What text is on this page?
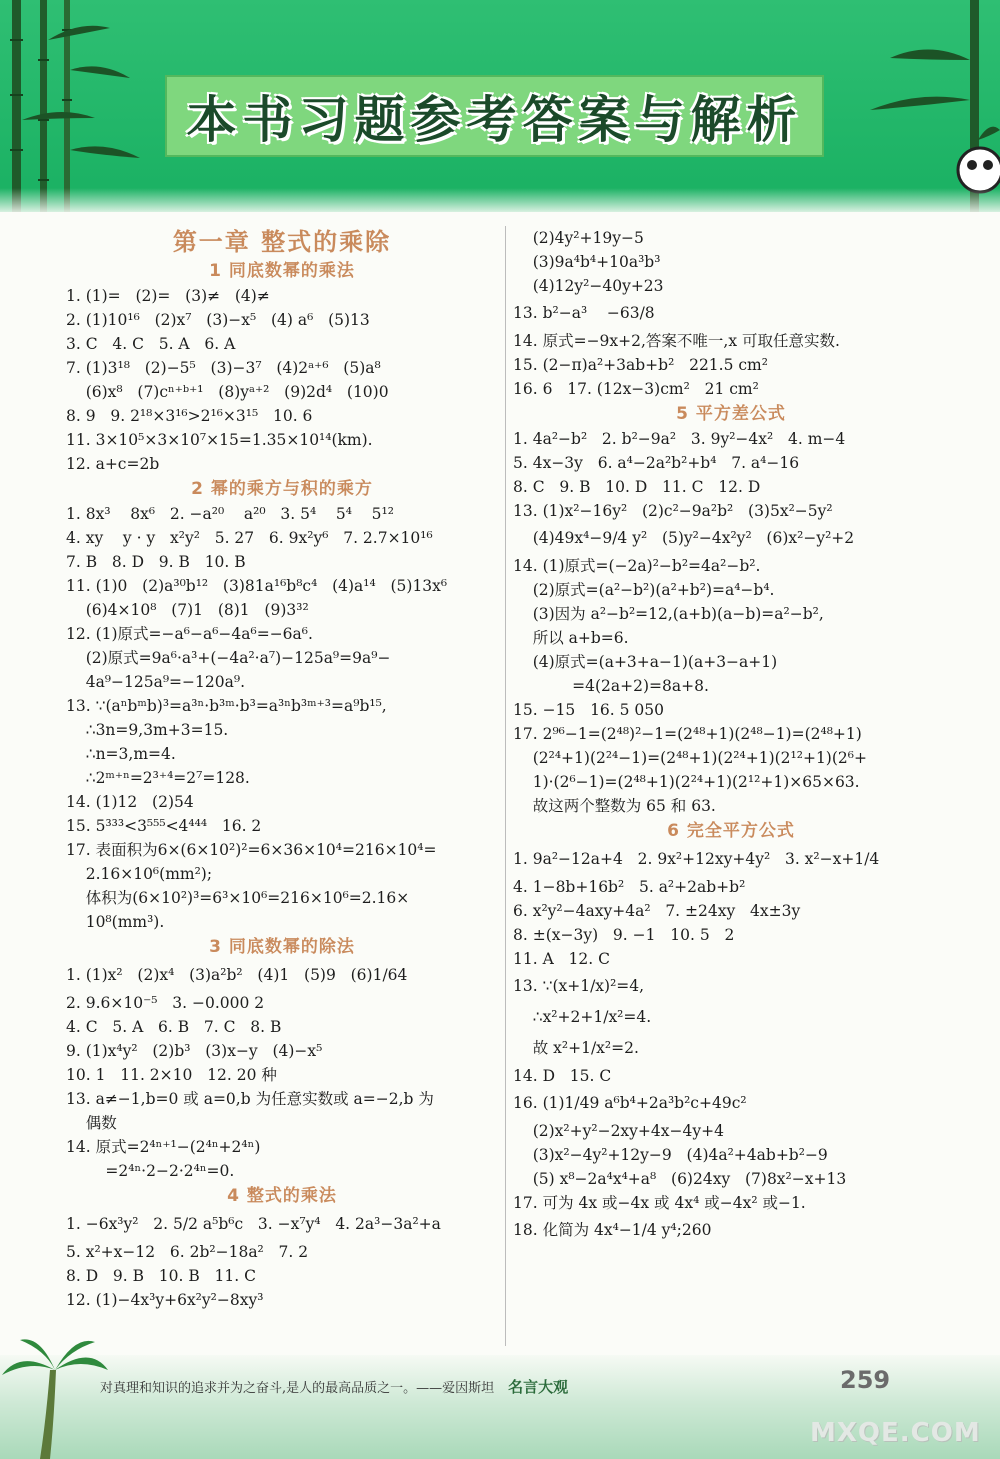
本书习题参考答案与解析
第一章 整式的乘除
1 同底数幂的乘法
1. (1)=   (2)=   (3)≠   (4)≠
2. (1)10¹⁶   (2)x⁷   (3)−x⁵   (4) a⁶   (5)13
3. C   4. C   5. A   6. A
7. (1)3¹⁸   (2)−5⁵   (3)−3⁷   (4)2ᵃ⁺⁶   (5)a⁸
(6)x⁸   (7)cⁿ⁺ᵇ⁺¹   (8)yᵃ⁺²   (9)2d⁴   (10)0
8. 9   9. 2¹⁸×3¹⁶>2¹⁶×3¹⁵   10. 6
11. 3×10⁵×3×10⁷×15=1.35×10¹⁴(km).
12. a+c=2b
2 幂的乘方与积的乘方
1. 8x³    8x⁶   2. −a²⁰    a²⁰   3. 5⁴    5⁴    5¹²
4. xy    y · y   x²y²   5. 27   6. 9x²y⁶   7. 2.7×10¹⁶
7. B   8. D   9. B   10. B
11. (1)0   (2)a³⁰b¹²   (3)81a¹⁶b⁸c⁴   (4)a¹⁴   (5)13x⁶
(6)4×10⁸   (7)1   (8)1   (9)3³²
12. (1)原式=−a⁶−a⁶−4a⁶=−6a⁶.
(2)原式=9a⁶·a³+(−4a²·a⁷)−125a⁹=9a⁹−
4a⁹−125a⁹=−120a⁹.
13. ∵(aⁿbᵐb)³=a³ⁿ·b³ᵐ·b³=a³ⁿb³ᵐ⁺³=a⁹b¹⁵,
∴3n=9,3m+3=15.
∴n=3,m=4.
∴2ᵐ⁺ⁿ=2³⁺⁴=2⁷=128.
14. (1)12   (2)54
15. 5³³³<3⁵⁵⁵<4⁴⁴⁴   16. 2
17. 表面积为6×(6×10²)²=6×36×10⁴=216×10⁴=
2.16×10⁶(mm²);
体积为(6×10²)³=6³×10⁶=216×10⁶=2.16×
10⁸(mm³).
3 同底数幂的除法
1. (1)x²   (2)x⁴   (3)a²b²   (4)1   (5)9   (6)1/64
2. 9.6×10⁻⁵   3. −0.000 2
4. C   5. A   6. B   7. C   8. B
9. (1)x⁴y²   (2)b³   (3)x−y   (4)−x⁵
10. 1   11. 2×10   12. 20 种
13. a≠−1,b=0 或 a=0,b 为任意实数或 a=−2,b 为
偶数
14. 原式=2⁴ⁿ⁺¹−(2⁴ⁿ+2⁴ⁿ)
=2⁴ⁿ·2−2·2⁴ⁿ=0.
4 整式的乘法
1. −6x³y²   2. 5/2 a⁵b⁶c   3. −x⁷y⁴   4. 2a³−3a²+a
5. x²+x−12   6. 2b²−18a²   7. 2
8. D   9. B   10. B   11. C
12. (1)−4x³y+6x²y²−8xy³
(2)4y²+19y−5
(3)9a⁴b⁴+10a³b³
(4)12y²−40y+23
13. b²−a³    −63/8
14. 原式=−9x+2,答案不唯一,x 可取任意实数.
15. (2−π)a²+3ab+b²   221.5 cm²
16. 6   17. (12x−3)cm²   21 cm²
5 平方差公式
1. 4a²−b²   2. b²−9a²   3. 9y²−4x²   4. m−4
5. 4x−3y   6. a⁴−2a²b²+b⁴   7. a⁴−16
8. C   9. B   10. D   11. C   12. D
13. (1)x²−16y²   (2)c²−9a²b²   (3)5x²−5y²
(4)49x⁴−9/4 y²   (5)y²−4x²y²   (6)x²−y²+2
14. (1)原式=(−2a)²−b²=4a²−b².
(2)原式=(a²−b²)(a²+b²)=a⁴−b⁴.
(3)因为 a²−b²=12,(a+b)(a−b)=a²−b²,
所以 a+b=6.
(4)原式=(a+3+a−1)(a+3−a+1)
=4(2a+2)=8a+8.
15. −15   16. 5 050
17. 2⁹⁶−1=(2⁴⁸)²−1=(2⁴⁸+1)(2⁴⁸−1)=(2⁴⁸+1)
(2²⁴+1)(2²⁴−1)=(2⁴⁸+1)(2²⁴+1)(2¹²+1)(2⁶+
1)·(2⁶−1)=(2⁴⁸+1)(2²⁴+1)(2¹²+1)×65×63.
故这两个整数为 65 和 63.
6 完全平方公式
1. 9a²−12a+4   2. 9x²+12xy+4y²   3. x²−x+1/4
4. 1−8b+16b²   5. a²+2ab+b²
6. x²y²−4axy+4a²   7. ±24xy   4x±3y
8. ±(x−3y)   9. −1   10. 5   2
11. A   12. C
13. ∵(x+1/x)²=4,
∴x²+2+1/x²=4.
故 x²+1/x²=2.
14. D   15. C
16. (1)1/49 a⁶b⁴+2a³b²c+49c²
(2)x²+y²−2xy+4x−4y+4
(3)x²−4y²+12y−9   (4)4a²+4ab+b²−9
(5) x⁸−2a⁴x⁴+a⁸   (6)24xy   (7)8x²−x+13
17. 可为 4x 或−4x 或 4x⁴ 或−4x² 或−1.
18. 化简为 4x⁴−1/4 y⁴;260
对真理和知识的追求并为之奋斗,是人的最高品质之一。——爱因斯坦 名言大观	259
MXQE.COM
